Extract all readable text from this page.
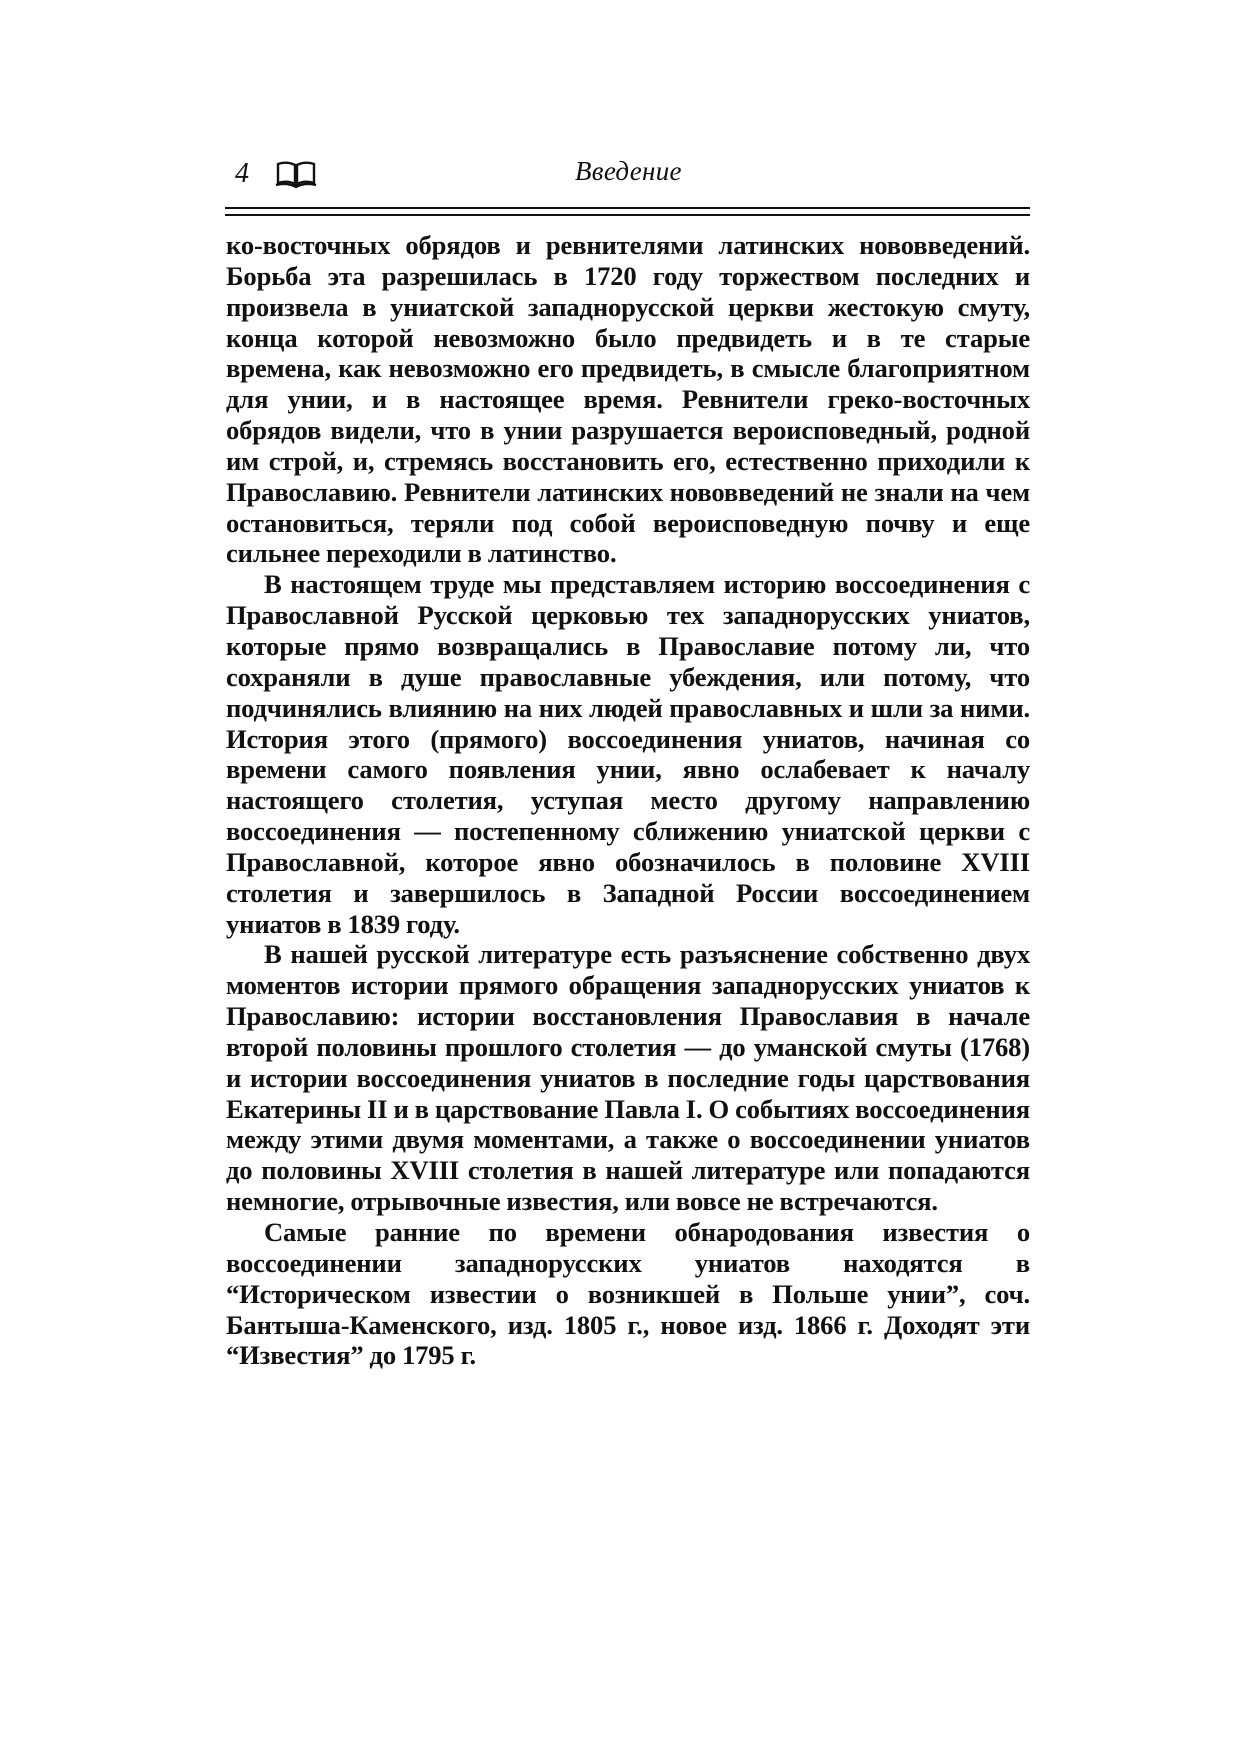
4	Введение

ко-восточных обрядов и ревнителями латинских нововведений. Борьба эта разрешилась в 1720 году торжеством последних и произвела в униатской западнорусской церкви жестокую смуту, конца которой невозможно было предвидеть и в те старые времена, как невозможно его предвидеть, в смысле благоприятном для унии, и в настоящее время. Ревнители греко-восточных обрядов видели, что в унии разрушается вероисповедный, родной им строй, и, стремясь восстановить его, естественно приходили к Православию. Ревнители латинских нововведений не знали на чем остановиться, теряли под собой вероисповедную почву и еще сильнее переходили в латинство.

В настоящем труде мы представляем историю воссоединения с Православной Русской церковью тех западнорусских униатов, которые прямо возвращались в Православие потому ли, что сохраняли в душе православные убеждения, или потому, что подчинялись влиянию на них людей православных и шли за ними. История этого (прямого) воссоединения униатов, начиная со времени самого появления унии, явно ослабевает к началу настоящего столетия, уступая место другому направлению воссоединения — постепенному сближению униатской церкви с Православной, которое явно обозначилось в половине XVIII столетия и завершилось в Западной России воссоединением униатов в 1839 году.

В нашей русской литературе есть разъяснение собственно двух моментов истории прямого обращения западнорусских униатов к Православию: истории восстановления Православия в начале второй половины прошлого столетия — до уманской смуты (1768) и истории воссоединения униатов в последние годы царствования Екатерины II и в царствование Павла I. О событиях воссоединения между этими двумя моментами, а также о воссоединении униатов до половины XVIII столетия в нашей литературе или попадаются немногие, отрывочные известия, или вовсе не встречаются.

Самые ранние по времени обнародования известия о воссоединении западнорусских униатов находятся в “Историческом известии о возникшей в Польше унии”, соч. Бантыша-Каменского, изд. 1805 г., новое изд. 1866 г. Доходят эти “Известия” до 1795 г.
